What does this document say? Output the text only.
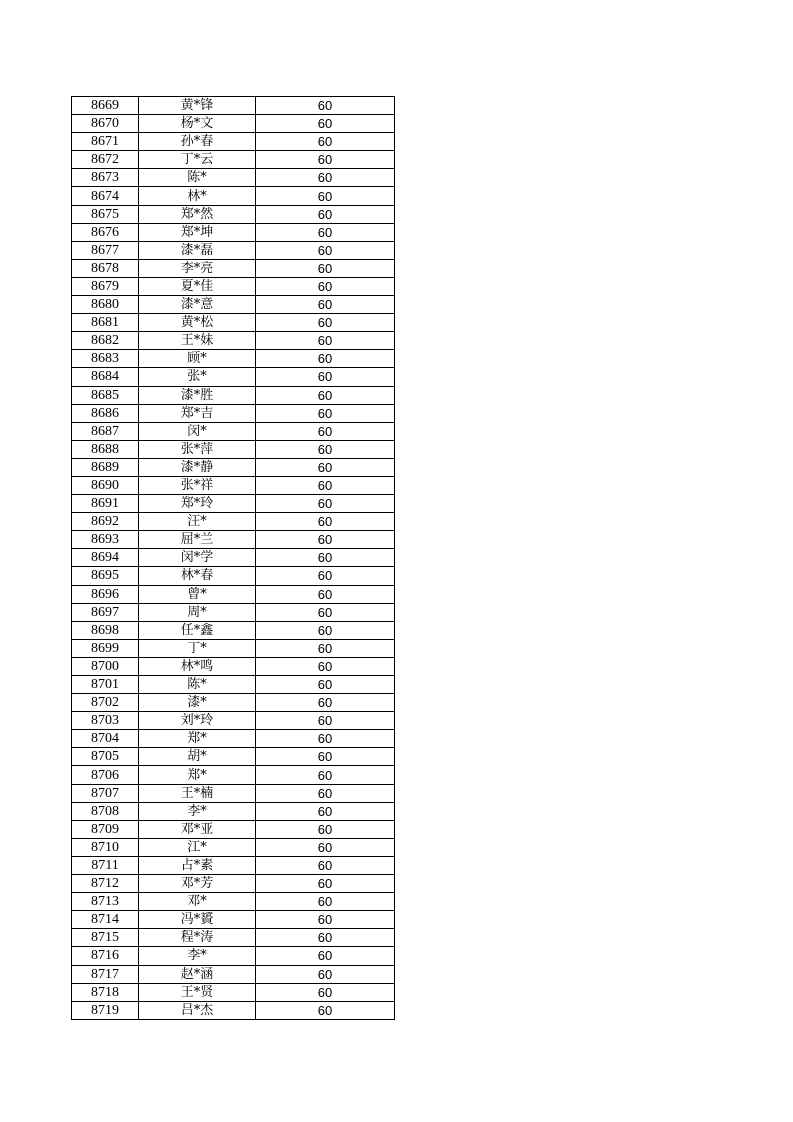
8669	黄*锋	60
8670	杨*文	60
8671	孙*春	60
8672	丁*云	60
8673	陈*	60
8674	林*	60
8675	郑*然	60
8676	郑*坤	60
8677	漆*磊	60
8678	李*亮	60
8679	夏*佳	60
8680	漆*意	60
8681	黄*松	60
8682	王*妹	60
8683	顾*	60
8684	张*	60
8685	漆*胜	60
8686	郑*吉	60
8687	闵*	60
8688	张*萍	60
8689	漆*静	60
8690	张*祥	60
8691	郑*玲	60
8692	汪*	60
8693	屈*兰	60
8694	闵*学	60
8695	林*春	60
8696	曾*	60
8697	周*	60
8698	任*鑫	60
8699	丁*	60
8700	林*鸣	60
8701	陈*	60
8702	漆*	60
8703	刘*玲	60
8704	郑*	60
8705	胡*	60
8706	郑*	60
8707	王*楠	60
8708	李*	60
8709	邓*亚	60
8710	江*	60
8711	占*素	60
8712	邓*芳	60
8713	邓*	60
8714	冯*贇	60
8715	程*涛	60
8716	李*	60
8717	赵*涵	60
8718	王*贤	60
8719	吕*杰	60
